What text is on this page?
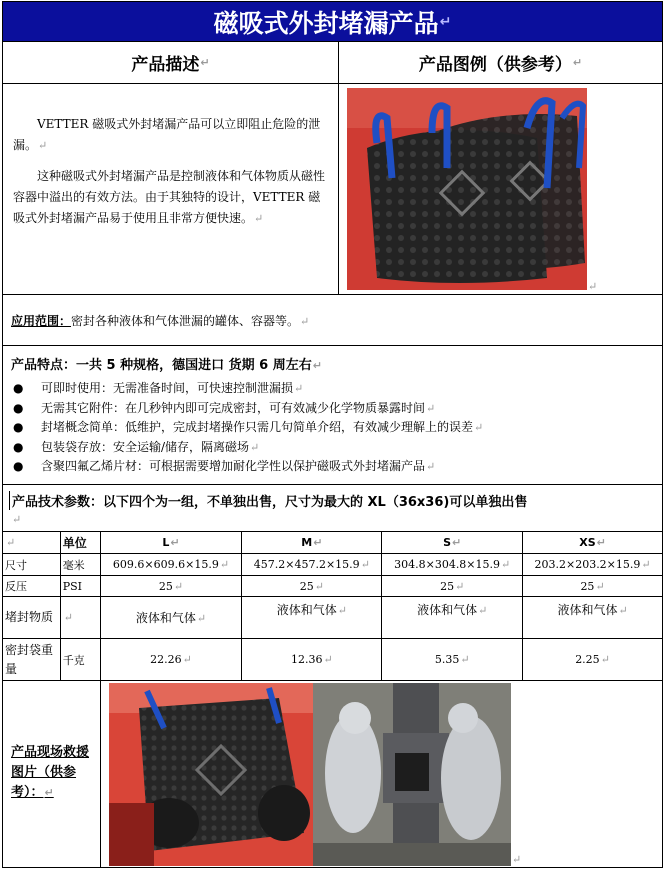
磁吸式外封堵漏产品 ↵
产品描述 ↵	产品图例（供参考） ↵

VETTER 磁吸式外封堵漏产品可以立即阻止危险的泄漏。↵

这种磁吸式外封堵漏产品是控制液体和气体物质从磁性容器中溢出的有效方法。由于其独特的设计，VETTER 磁吸式外封堵漏产品易于使用且非常方便快速。↵

↵
应用范围：密封各种液体和气体泄漏的罐体、容器等。↵
产品特点：一共 5 种规格，德国进口 货期 6 周左右↵
●	可即时使用：无需准备时间，可快速控制泄漏损 ↵
●	无需其它附件：在几秒钟内即可完成密封，可有效减少化学物质暴露时间 ↵
●	封堵概念简单：低维护，完成封堵操作只需几句简单介绍，有效减少理解上的误差 ↵
●	包装袋存放：安全运输/储存，隔离磁场 ↵
●	含聚四氟乙烯片材：可根据需要增加耐化学性以保护磁吸式外封堵漏产品 ↵
产品技术参数：以下四个为一组，不单独出售，尺寸为最大的 XL（36x36)可以单独出售
↵
↵	单位	L↵	M↵	S↵	XS↵
尺寸	毫米	609.6×609.6×15.9↵	457.2×457.2×15.9↵	304.8×304.8×15.9↵	203.2×203.2×15.9↵
反压	PSI	25↵	25↵	25↵	25↵
堵封物质	↵	液体和气体↵	液体和气体↵	液体和气体↵	液体和气体↵
密封袋重量	千克	22.26↵	12.36↵	5.35↵	2.25↵
产品现场救援图片（供参考）：↵
↵
